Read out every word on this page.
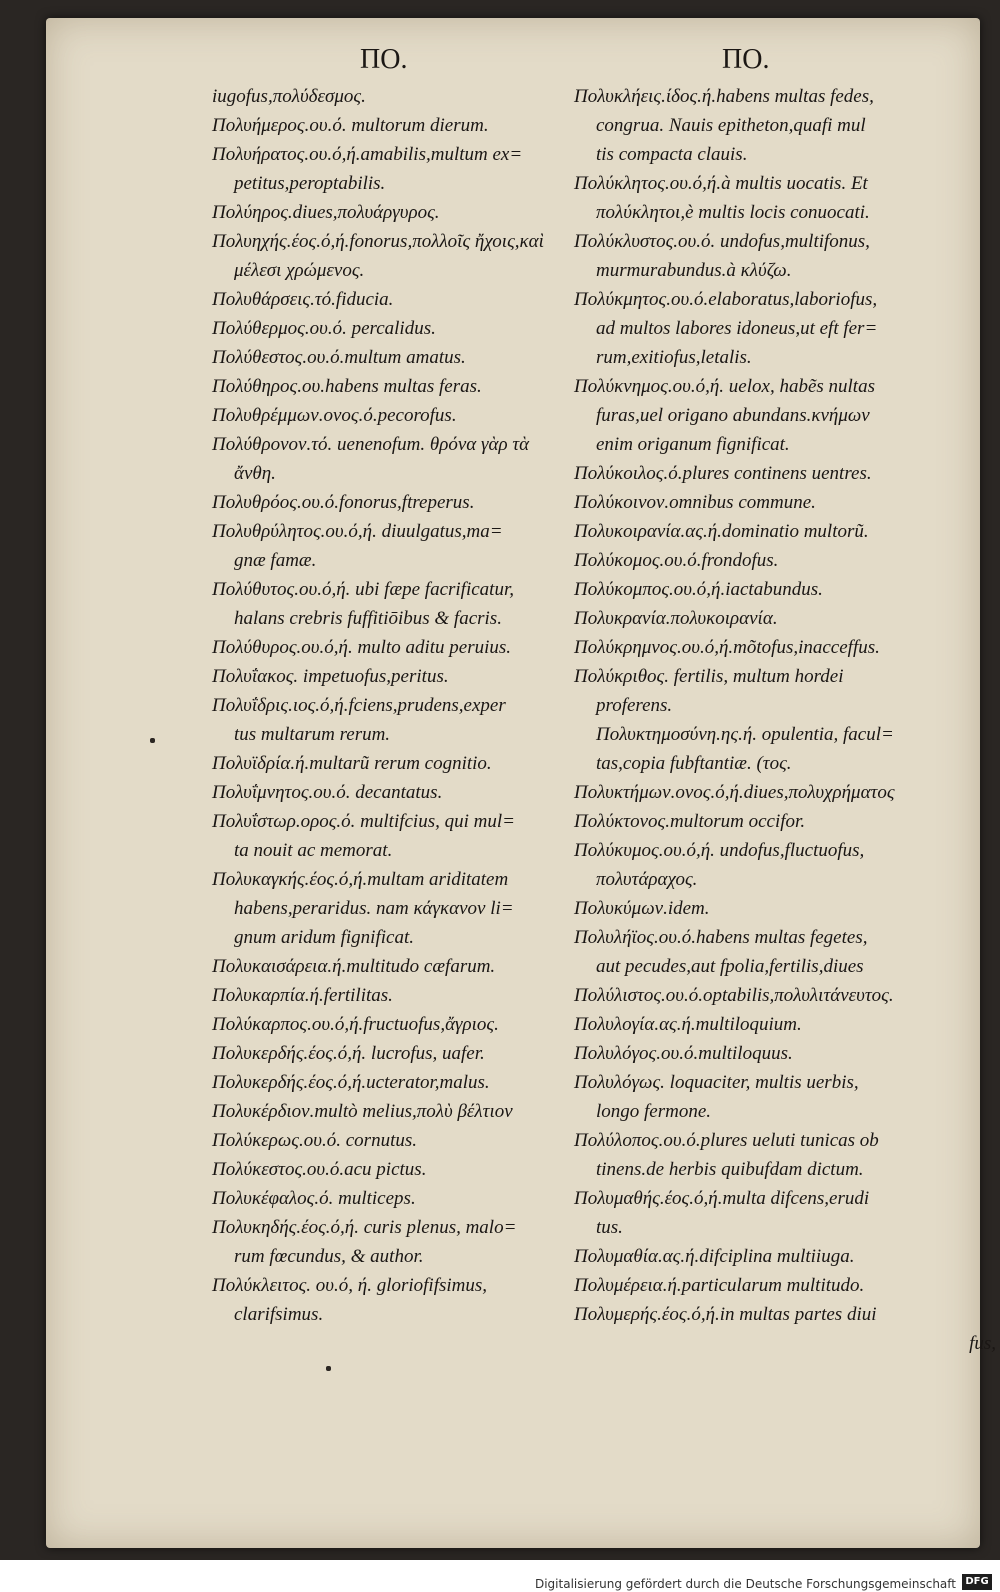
ΠΟ.	ΠΟ.
iugofus,πολύδεσμος.
Πολυήμερος.ου.ό. multorum dierum.
Πολυήρατος.ου.ό,ή.amabilis,multum ex=
petitus,peroptabilis.
Πολύηρος.diues,πολυάργυρος.
Πολυηχής.έος.ό,ή.fonorus,πολλοῖς ἤχοις,καὶ
μέλεσι χρώμενος.
Πολυθάρσεις.τό.fiducia.
Πολύθερμος.ου.ό. percalidus.
Πολύθεστος.ου.ό.multum amatus.
Πολύθηρος.ου.habens multas feras.
Πολυθρέμμων.ονος.ό.pecorofus.
Πολύθρονον.τό. uenenofum. θρόνα γὰρ τὰ
ἄνθη.
Πολυθρόος.ου.ό.fonorus,ftreperus.
Πολυθρύλητος.ου.ό,ή. diuulgatus,ma=
gnæ famæ.
Πολύθυτος.ου.ό,ή. ubi fæpe facrificatur,
halans crebris fuffitiōibus & facris.
Πολύθυρος.ου.ό,ή. multo aditu peruius.
Πολυΐακος. impetuofus,peritus.
Πολυΐδρις.ιος.ό,ή.fciens,prudens,exper
tus multarum rerum.
Πολυϊδρία.ή.multarũ rerum cognitio.
Πολυΐμνητος.ου.ό. decantatus.
Πολυΐστωρ.ορος.ό. multifcius, qui mul=
ta nouit ac memorat.
Πολυκαγκής.έος.ό,ή.multam ariditatem
habens,peraridus. nam κάγκανον li=
gnum aridum fignificat.
Πολυκαισάρεια.ή.multitudo cæfarum.
Πολυκαρπία.ή.fertilitas.
Πολύκαρπος.ου.ό,ή.fructuofus,ἄγριος.
Πολυκερδής.έος.ό,ή. lucrofus, uafer.
Πολυκερδής.έος.ό,ή.ucterator,malus.
Πολυκέρδιον.multò melius,πολὺ βέλτιον
Πολύκερως.ου.ό. cornutus.
Πολύκεστος.ου.ό.acu pictus.
Πολυκέφαλος.ό. multiceps.
Πολυκηδής.έος.ό,ή. curis plenus, malo=
rum fœcundus, & author.
Πολύκλειτος. ου.ό, ή. gloriofifsimus,
clarifsimus.
Πολυκλήεις.ίδος.ή.habens multas fedes,
congrua. Nauis epitheton,quafi mul
tis compacta clauis.
Πολύκλητος.ου.ό,ή.à multis uocatis. Et
πολύκλητοι,è multis locis conuocati.
Πολύκλυστος.ου.ό. undofus,multifonus,
murmurabundus.à κλύζω.
Πολύκμητος.ου.ό.elaboratus,laboriofus,
ad multos labores idoneus,ut eft fer=
rum,exitiofus,letalis.
Πολύκνημος.ου.ό,ή. uelox, habẽs nultas
furas,uel origano abundans.κνήμων
enim origanum fignificat.
Πολύκοιλος.ό.plures continens uentres.
Πολύκοινον.omnibus commune.
Πολυκοιρανία.ας.ή.dominatio multorũ.
Πολύκομος.ου.ό.frondofus.
Πολύκομπος.ου.ό,ή.iactabundus.
Πολυκρανία.πολυκοιρανία.
Πολύκρημνος.ου.ό,ή.mõtofus,inacceffus.
Πολύκριθος. fertilis, multum hordei
proferens.
Πολυκτημοσύνη.ης.ή. opulentia, facul=
tas,copia fubftantiæ. (τος.
Πολυκτήμων.ονος.ό,ή.diues,πολυχρήματος
Πολύκτονος.multorum occifor.
Πολύκυμος.ου.ό,ή. undofus,fluctuofus,
πολυτάραχος.
Πολυκύμων.idem.
Πολυλήϊος.ου.ό.habens multas fegetes,
aut pecudes,aut fpolia,fertilis,diues
Πολύλιστος.ου.ό.optabilis,πολυλιτάνευτος.
Πολυλογία.ας.ή.multiloquium.
Πολυλόγος.ου.ό.multiloquus.
Πολυλόγως. loquaciter, multis uerbis,
longo fermone.
Πολύλοπος.ου.ό.plures ueluti tunicas ob
tinens.de herbis quibufdam dictum.
Πολυμαθής.έος.ό,ή.multa difcens,erudi
tus.
Πολυμαθία.ας.ή.difciplina multiiuga.
Πολυμέρεια.ή.particularum multitudo.
Πολυμερής.έος.ό,ή.in multas partes diui
fus,
Digitalisierung gefördert durch die Deutsche Forschungsgemeinschaft DFG
